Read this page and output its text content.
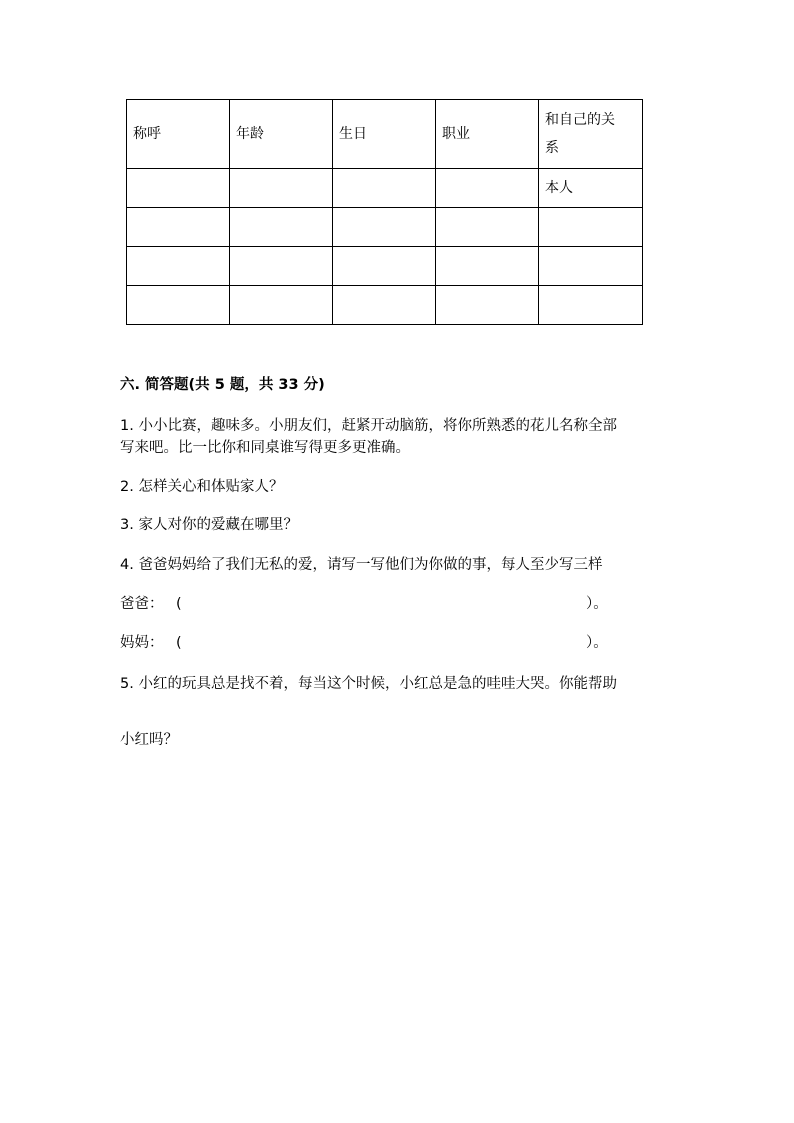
称呼	年龄	生日	职业	和自己的关
系

				本人

六. 简答题(共 5 题，共 33 分)
1. 小小比赛，趣味多。小朋友们，赶紧开动脑筋，将你所熟悉的花儿名称全部
写来吧。比一比你和同桌谁写得更多更准确。
2. 怎样关心和体贴家人？
3. 家人对你的爱藏在哪里？
4. 爸爸妈妈给了我们无私的爱，请写一写他们为你做的事，每人至少写三样
爸爸： (	）。
妈妈： (	）。
5. 小红的玩具总是找不着，每当这个时候，小红总是急的哇哇大哭。你能帮助
小红吗？
